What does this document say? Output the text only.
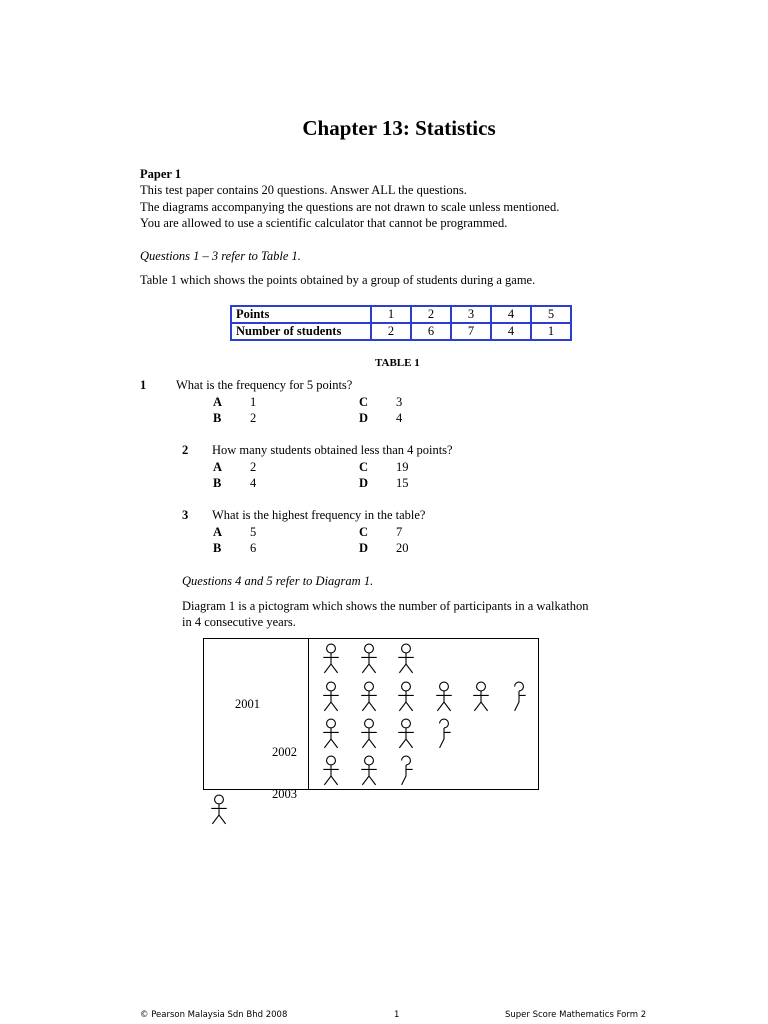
Chapter 13: Statistics
Paper 1
This test paper contains 20 questions. Answer ALL the questions.
The diagrams accompanying the questions are not drawn to scale unless mentioned.
You are allowed to use a scientific calculator that cannot be programmed.
Questions 1 – 3 refer to Table 1.
Table 1 which shows the points obtained by a group of students during a game.
Points	1	2	3	4	5
Number of students	2	6	7	4	1
TABLE 1
1 What is the frequency for 5 points?
A 1
B 2
C 3
D 4
2 How many students obtained less than 4 points?
A 2
B 4
C 19
D 15
3 What is the highest frequency in the table?
A 5
B 6
C 7
D 20
Questions 4 and 5 refer to Diagram 1.
Diagram 1 is a pictogram which shows the number of participants in a walkathon
in 4 consecutive years.
2001
2002
2003
© Pearson Malaysia Sdn Bhd 2008	1	Super Score Mathematics Form 2
